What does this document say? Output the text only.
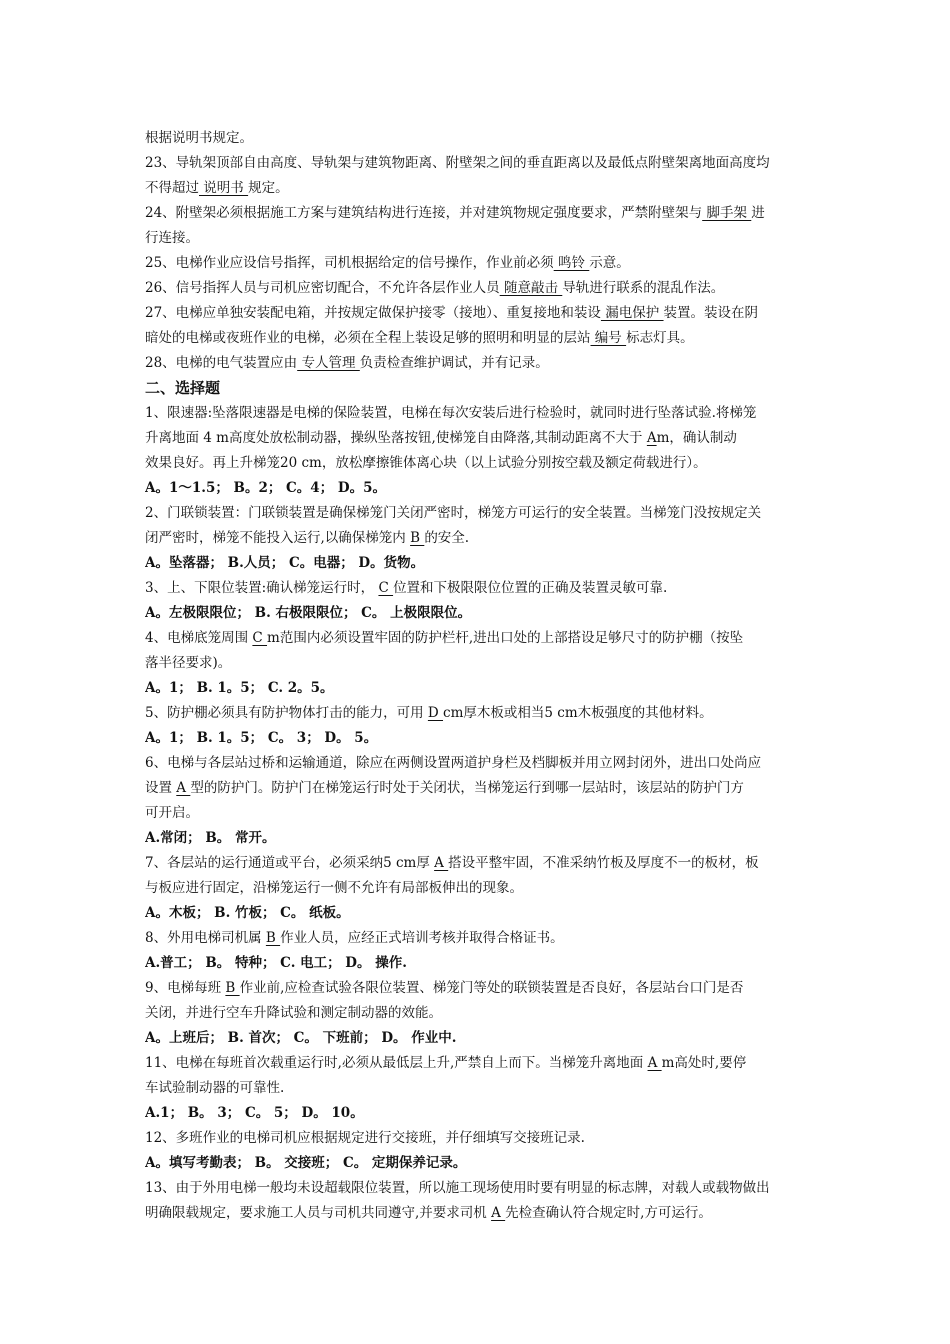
根据说明书规定。
23、导轨架顶部自由高度、导轨架与建筑物距离、附壁架之间的垂直距离以及最低点附壁架离地面高度均
不得超过 说明书 规定。
24、附壁架必须根据施工方案与建筑结构进行连接，并对建筑物规定强度要求，严禁附壁架与 脚手架 进
行连接。
25、电梯作业应设信号指挥，司机根据给定的信号操作，作业前必须 鸣铃 示意。
26、信号指挥人员与司机应密切配合，不允许各层作业人员 随意敲击 导轨进行联系的混乱作法。
27、电梯应单独安装配电箱，并按规定做保护接零（接地）、重复接地和装设 漏电保护 装置。装设在阴
暗处的电梯或夜班作业的电梯，必须在全程上装设足够的照明和明显的层站 编号 标志灯具。
28、电梯的电气装置应由 专人管理 负责检查维护调试，并有记录。
二、选择题
1、限速器:坠落限速器是电梯的保险装置，电梯在每次安装后进行检验时，就同时进行坠落试验.将梯笼
升离地面 4 m高度处放松制动器，操纵坠落按钮,使梯笼自由降落,其制动距离不大于 Am，确认制动
效果良好。再上升梯笼20 cm，放松摩擦锥体离心块（以上试验分别按空载及额定荷载进行）。
A。1～1.5； B。2； C。4； D。5。
2、门联锁装置：门联锁装置是确保梯笼门关闭严密时，梯笼方可运行的安全装置。当梯笼门没按规定关
闭严密时，梯笼不能投入运行,以确保梯笼内 B 的安全.
A。坠落器； B.人员； C。电器； D。货物。
3、上、下限位装置:确认梯笼运行时， C 位置和下极限限位位置的正确及装置灵敏可靠.
A。左极限限位； B. 右极限限位； C。 上极限限位。
4、电梯底笼周围 C m范围内必须设置牢固的防护栏杆,进出口处的上部搭设足够尺寸的防护棚（按坠
落半径要求)。
A。1； B. 1。5； C. 2。5。
5、防护棚必须具有防护物体打击的能力，可用 D cm厚木板或相当5 cm木板强度的其他材料。
A。1； B. 1。5； C。 3； D。 5。
6、电梯与各层站过桥和运输通道，除应在两侧设置两道护身栏及档脚板并用立网封闭外，进出口处尚应
设置 A 型的防护门。防护门在梯笼运行时处于关闭状，当梯笼运行到哪一层站时，该层站的防护门方
可开启。
A.常闭； B。 常开。
7、各层站的运行通道或平台，必须采纳5 cm厚 A 搭设平整牢固，不准采纳竹板及厚度不一的板材，板
与板应进行固定，沿梯笼运行一侧不允许有局部板伸出的现象。
A。木板； B. 竹板； C。 纸板。
8、外用电梯司机属 B 作业人员，应经正式培训考核并取得合格证书。
A.普工； B。 特种； C. 电工； D。 操作.
9、电梯每班 B 作业前,应检查试验各限位装置、梯笼门等处的联锁装置是否良好，各层站台口门是否
关闭，并进行空车升降试验和测定制动器的效能。
A。上班后； B. 首次； C。 下班前； D。 作业中.
11、电梯在每班首次载重运行时,必须从最低层上升,严禁自上而下。当梯笼升离地面 A m高处时,要停
车试验制动器的可靠性.
A.1； B。 3； C。 5； D。 10。
12、多班作业的电梯司机应根据规定进行交接班，并仔细填写交接班记录.
A。填写考勤表； B。 交接班； C。 定期保养记录。
13、由于外用电梯一般均未设超载限位装置，所以施工现场使用时要有明显的标志牌，对载人或载物做出
明确限载规定，要求施工人员与司机共同遵守,并要求司机 A 先检查确认符合规定时,方可运行。
